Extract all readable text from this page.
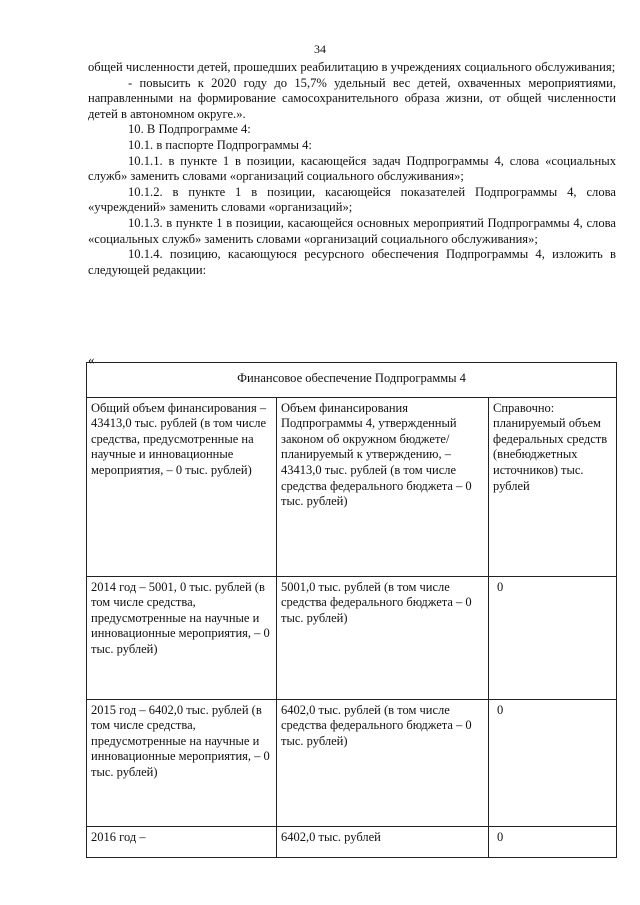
34

общей численности детей, прошедших реабилитацию в учреждениях социального обслуживания;

- повысить к 2020 году до 15,7% удельный вес детей, охваченных мероприятиями, направленными на формирование самосохранительного образа жизни, от общей численности детей в автономном округе.».

10. В Подпрограмме 4:

10.1. в паспорте Подпрограммы 4:

10.1.1. в пункте 1 в позиции, касающейся задач Подпрограммы 4, слова «социальных служб» заменить словами «организаций социального обслуживания»;

10.1.2. в пункте 1 в позиции, касающейся показателей Подпрограммы 4, слова «учреждений» заменить словами «организаций»;

10.1.3. в пункте 1 в позиции, касающейся основных мероприятий Подпрограммы 4, слова «социальных служб» заменить словами «организаций социального обслуживания»;

10.1.4. позицию, касающуюся ресурсного обеспечения Подпрограммы 4, изложить в следующей редакции:

«
Финансовое обеспечение Подпрограммы 4		
Общий объем финансирования – 43413,0 тыс. рублей (в том числе средства, предусмотренные на научные и инновационные мероприятия, – 0 тыс. рублей)	Объем финансирования Подпрограммы 4, утвержденный законом об окружном бюджете/планируемый к утверждению, – 43413,0 тыс. рублей (в том числе средства федерального бюджета – 0 тыс. рублей)	Справочно: планируемый объем федеральных средств (внебюджетных источников) тыс. рублей
2014 год – 5001, 0 тыс. рублей (в том числе средства, предусмотренные на научные и инновационные мероприятия, – 0 тыс. рублей)	5001,0 тыс. рублей (в том числе средства федерального бюджета – 0 тыс. рублей)	0
2015 год – 6402,0 тыс. рублей (в том числе средства, предусмотренные на научные и инновационные мероприятия, – 0 тыс. рублей)	6402,0 тыс. рублей (в том числе средства федерального бюджета – 0 тыс. рублей)	0
2016 год –	6402,0 тыс. рублей	0
